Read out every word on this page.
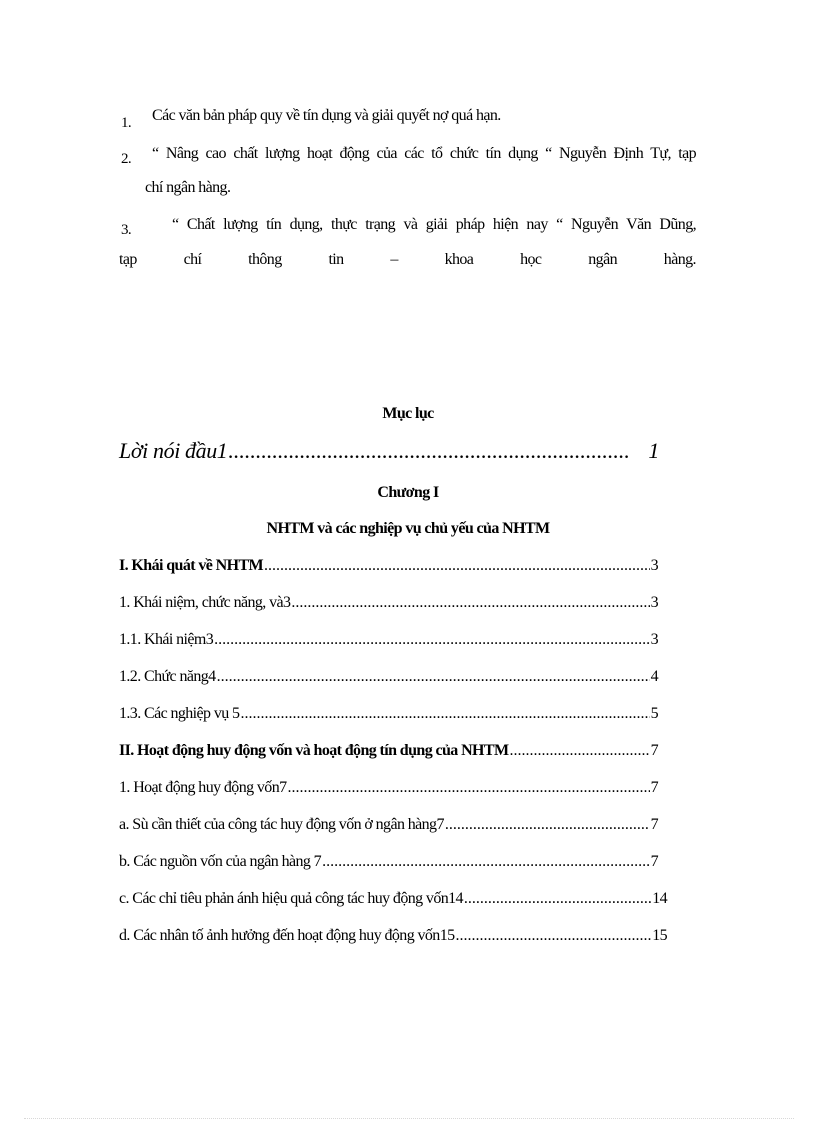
1. Các văn bản pháp quy về tín dụng và giải quyết nợ quá hạn.
2. “ Nâng cao chất lượng hoạt động của các tổ chức tín dụng “ Nguyễn Định Tự, tạp
chí ngân hàng.
3.	“ Chất lượng tín dụng, thực trạng và giải pháp hiện nay “ Nguyễn Văn Dũng,
tạp	chí	thông	tin	–	khoa	học	ngân	hàng.
Mục lục
Lời nói đầu1 .....	1
Chương I
NHTM và các nghiệp vụ chủ yếu của NHTM
I. Khái quát về NHTM .....	3
1. Khái niệm, chức năng, và3 .....	3
1.1. Khái niệm3 .....	3
1.2. Chức năng4 .....	4
1.3. Các nghiệp vụ 5 .....	5
II. Hoạt động huy động vốn và hoạt động tín dụng của NHTM .....	7
1. Hoạt động huy động vốn7 .....	7
a. Sù cần thiết của công tác huy động vốn ở ngân hàng7 .....	7
b. Các nguồn vốn của ngân hàng 7 .....	7
c. Các chỉ tiêu phản ánh hiệu quả công tác huy động vốn14 .....	14
d. Các nhân tố ảnh hưởng đến hoạt động huy động vốn15 .....	15
